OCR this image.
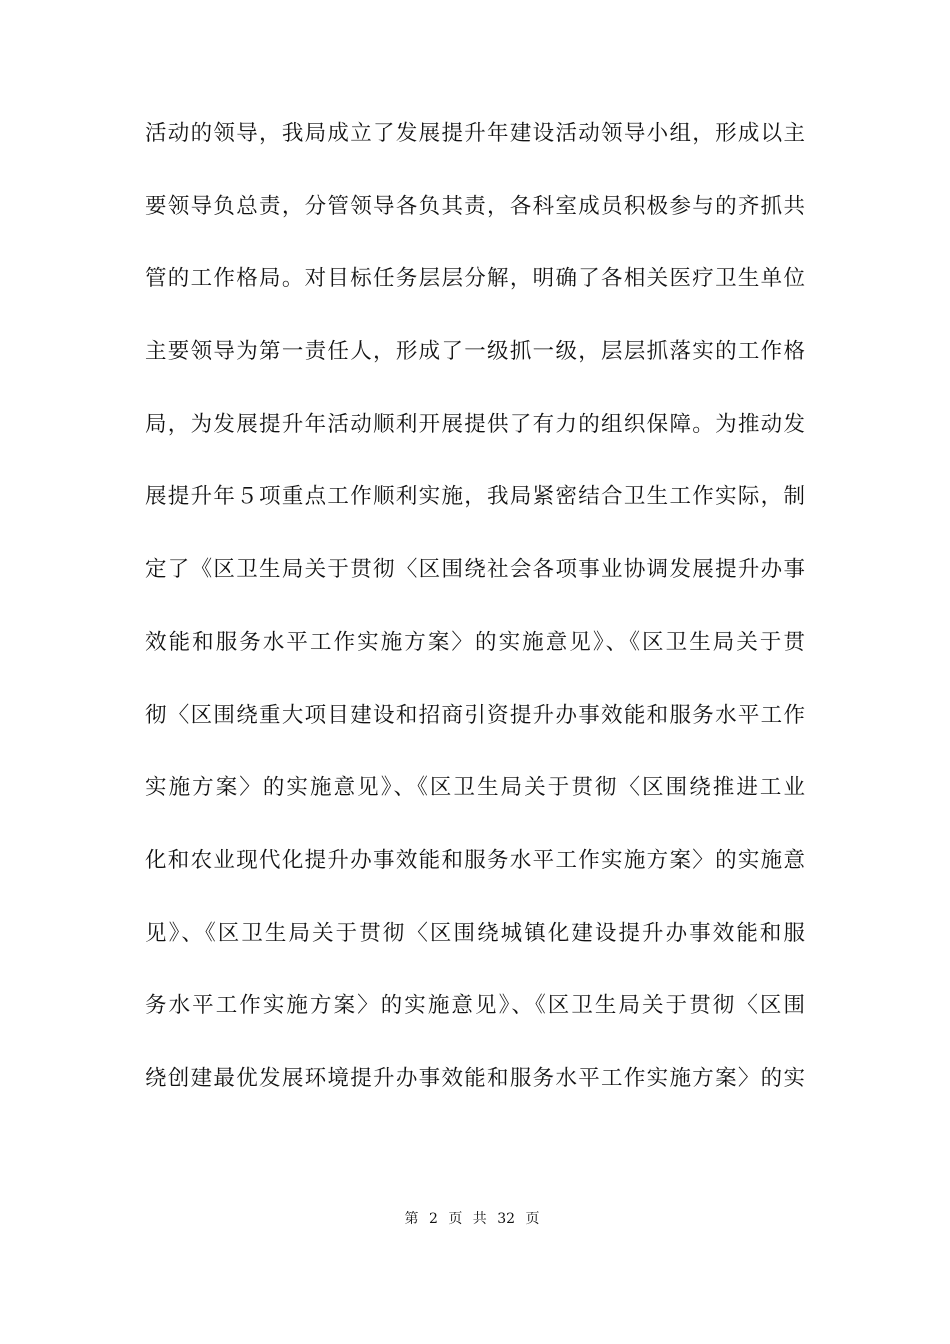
活动的领导，我局成立了发展提升年建设活动领导小组，形成以主
要领导负总责，分管领导各负其责，各科室成员积极参与的齐抓共
管的工作格局。对目标任务层层分解，明确了各相关医疗卫生单位
主要领导为第一责任人，形成了一级抓一级，层层抓落实的工作格
局，为发展提升年活动顺利开展提供了有力的组织保障。为推动发
展提升年５项重点工作顺利实施，我局紧密结合卫生工作实际，制
定了《区卫生局关于贯彻〈区围绕社会各项事业协调发展提升办事
效能和服务水平工作实施方案〉的实施意见》、《区卫生局关于贯
彻〈区围绕重大项目建设和招商引资提升办事效能和服务水平工作
实施方案〉的实施意见》、《区卫生局关于贯彻〈区围绕推进工业
化和农业现代化提升办事效能和服务水平工作实施方案〉的实施意
见》、《区卫生局关于贯彻〈区围绕城镇化建设提升办事效能和服
务水平工作实施方案〉的实施意见》、《区卫生局关于贯彻〈区围
绕创建最优发展环境提升办事效能和服务水平工作实施方案〉的实
第 2 页 共 32 页
